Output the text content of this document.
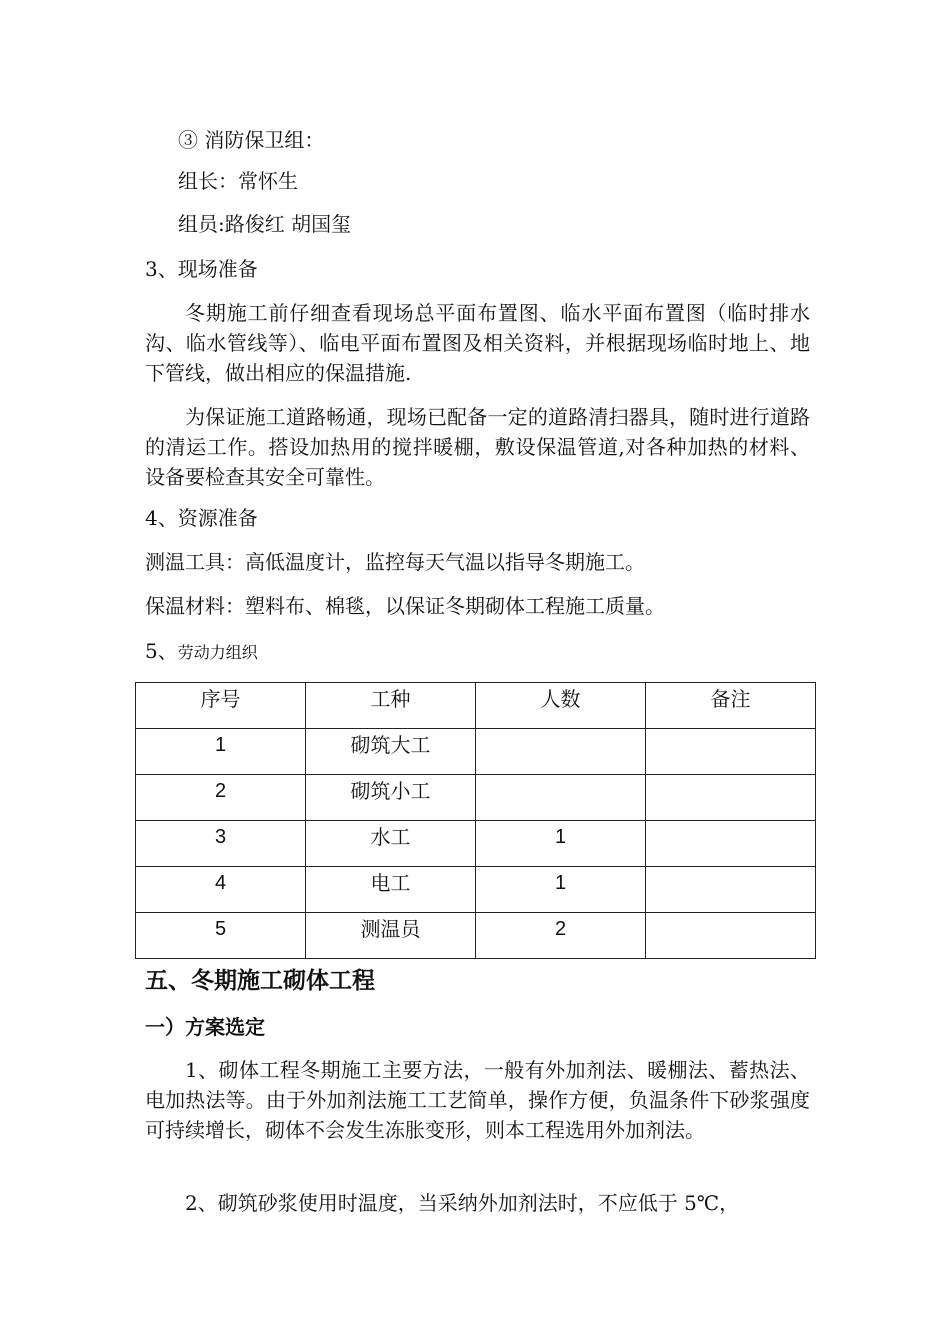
③ 消防保卫组：
组长：常怀生
组员:路俊红 胡国玺
3、现场准备
冬期施工前仔细查看现场总平面布置图、临水平面布置图（临时排水沟、临水管线等）、临电平面布置图及相关资料，并根据现场临时地上、地下管线，做出相应的保温措施.
为保证施工道路畅通，现场已配备一定的道路清扫器具，随时进行道路的清运工作。搭设加热用的搅拌暖棚，敷设保温管道,对各种加热的材料、设备要检查其安全可靠性。
4、资源准备
测温工具：高低温度计，监控每天气温以指导冬期施工。
保温材料：塑料布、棉毯，以保证冬期砌体工程施工质量。
5、劳动力组织
序号	工种	人数	备注
1	砌筑大工		
2	砌筑小工		
3	水工	1	
4	电工	1	
5	测温员	2	
五、冬期施工砌体工程
一）方案选定
1、砌体工程冬期施工主要方法，一般有外加剂法、暖棚法、蓄热法、电加热法等。由于外加剂法施工工艺简单，操作方便，负温条件下砂浆强度可持续增长，砌体不会发生冻胀变形，则本工程选用外加剂法。
2、砌筑砂浆使用时温度，当采纳外加剂法时，不应低于 5℃，
